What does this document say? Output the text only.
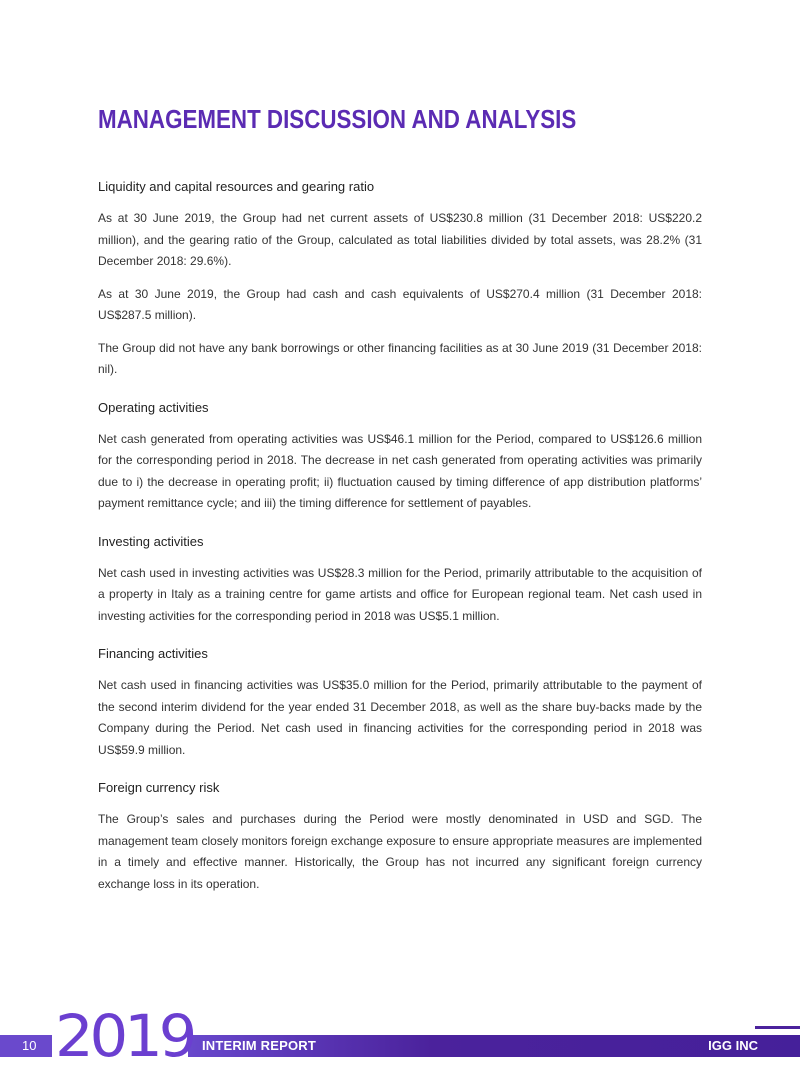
MANAGEMENT DISCUSSION AND ANALYSIS
Liquidity and capital resources and gearing ratio

As at 30 June 2019, the Group had net current assets of US$230.8 million (31 December 2018: US$220.2 million), and the gearing ratio of the Group, calculated as total liabilities divided by total assets, was 28.2% (31 December 2018: 29.6%).

As at 30 June 2019, the Group had cash and cash equivalents of US$270.4 million (31 December 2018: US$287.5 million).

The Group did not have any bank borrowings or other financing facilities as at 30 June 2019 (31 December 2018: nil).

Operating activities

Net cash generated from operating activities was US$46.1 million for the Period, compared to US$126.6 million for the corresponding period in 2018. The decrease in net cash generated from operating activities was primarily due to i) the decrease in operating profit; ii) fluctuation caused by timing difference of app distribution platforms’ payment remittance cycle; and iii) the timing difference for settlement of payables.

Investing activities

Net cash used in investing activities was US$28.3 million for the Period, primarily attributable to the acquisition of a property in Italy as a training centre for game artists and office for European regional team. Net cash used in investing activities for the corresponding period in 2018 was US$5.1 million.

Financing activities

Net cash used in financing activities was US$35.0 million for the Period, primarily attributable to the payment of the second interim dividend for the year ended 31 December 2018, as well as the share buy-backs made by the Company during the Period. Net cash used in financing activities for the corresponding period in 2018 was US$59.9 million.

Foreign currency risk

The Group’s sales and purchases during the Period were mostly denominated in USD and SGD. The management team closely monitors foreign exchange exposure to ensure appropriate measures are implemented in a timely and effective manner. Historically, the Group has not incurred any significant foreign currency exchange loss in its operation.

10	INTERIM REPORT	IGG INC
2019
